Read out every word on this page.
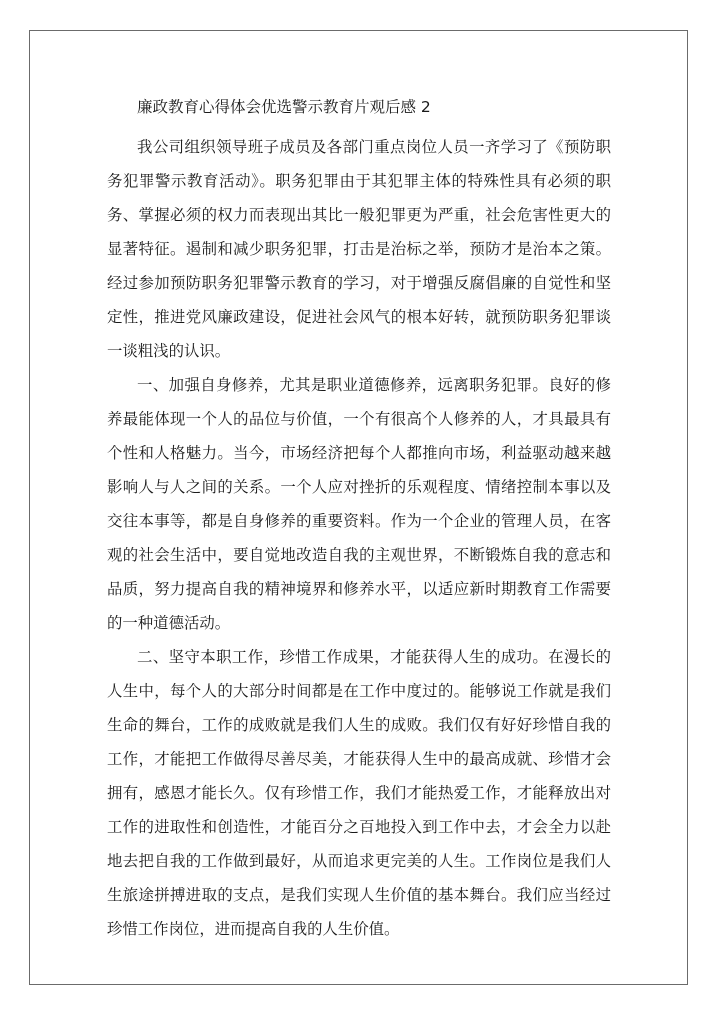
廉政教育心得体会优选警示教育片观后感 2

我公司组织领导班子成员及各部门重点岗位人员一齐学习了《预防职务犯罪警示教育活动》。职务犯罪由于其犯罪主体的特殊性具有必须的职务、掌握必须的权力而表现出其比一般犯罪更为严重，社会危害性更大的显著特征。遏制和减少职务犯罪，打击是治标之举，预防才是治本之策。经过参加预防职务犯罪警示教育的学习，对于增强反腐倡廉的自觉性和坚定性，推进党风廉政建设，促进社会风气的根本好转，就预防职务犯罪谈一谈粗浅的认识。

一、加强自身修养，尤其是职业道德修养，远离职务犯罪。良好的修养最能体现一个人的品位与价值，一个有很高个人修养的人，才具最具有个性和人格魅力。当今，市场经济把每个人都推向市场，利益驱动越来越影响人与人之间的关系。一个人应对挫折的乐观程度、情绪控制本事以及交往本事等，都是自身修养的重要资料。作为一个企业的管理人员，在客观的社会生活中，要自觉地改造自我的主观世界，不断锻炼自我的意志和品质，努力提高自我的精神境界和修养水平，以适应新时期教育工作需要的一种道德活动。

二、坚守本职工作，珍惜工作成果，才能获得人生的成功。在漫长的人生中，每个人的大部分时间都是在工作中度过的。能够说工作就是我们生命的舞台，工作的成败就是我们人生的成败。我们仅有好好珍惜自我的工作，才能把工作做得尽善尽美，才能获得人生中的最高成就、珍惜才会拥有，感恩才能长久。仅有珍惜工作，我们才能热爱工作，才能释放出对工作的进取性和创造性，才能百分之百地投入到工作中去，才会全力以赴地去把自我的工作做到最好，从而追求更完美的人生。工作岗位是我们人生旅途拼搏进取的支点，是我们实现人生价值的基本舞台。我们应当经过珍惜工作岗位，进而提高自我的人生价值。
